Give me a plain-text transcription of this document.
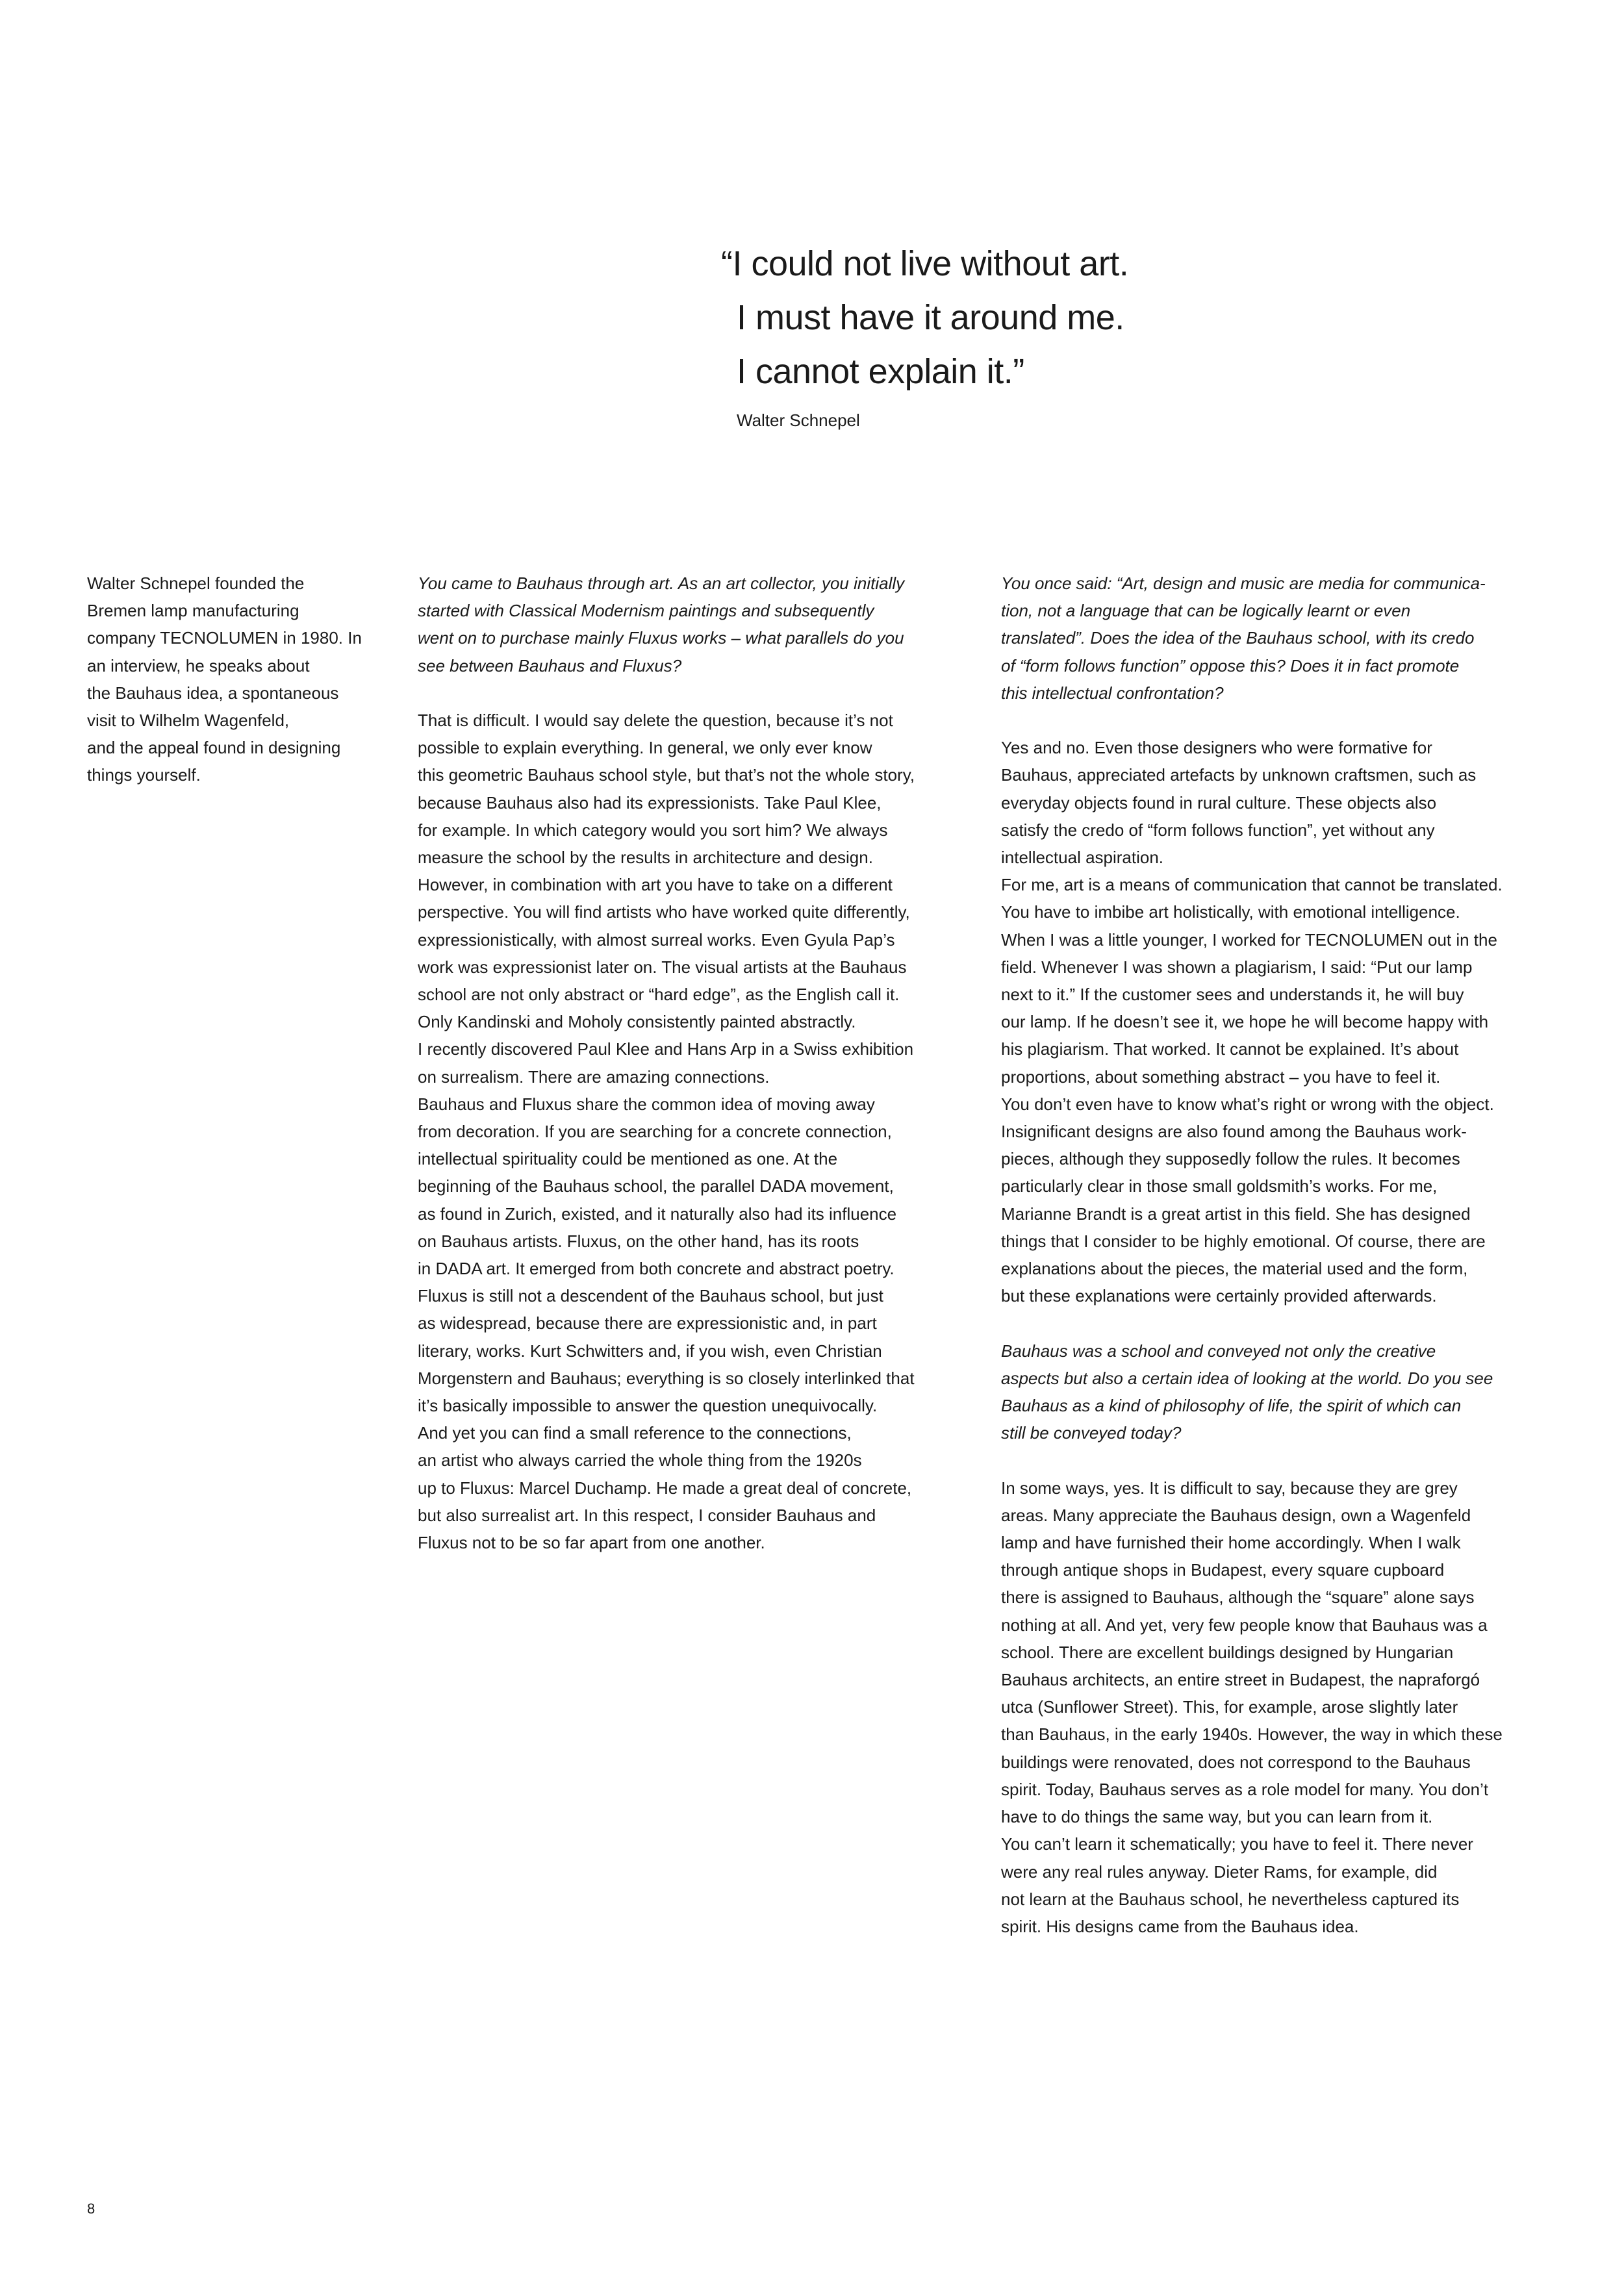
“I could not live without art.
I must have it around me.
I cannot explain it.”
Walter Schnepel
Walter Schnepel founded the
Bremen lamp manufacturing
company TECNOLUMEN in 1980. In
an interview, he speaks about
the Bauhaus idea, a spontaneous
visit to Wilhelm Wagenfeld,
and the appeal found in designing
things yourself.
You came to Bauhaus through art. As an art collector, you initially
started with Classical Modernism paintings and subsequently
went on to purchase mainly Fluxus works – what parallels do you
see between Bauhaus and Fluxus?
That is difficult. I would say delete the question, because it’s not
possible to explain everything. In general, we only ever know
this geometric Bauhaus school style, but that’s not the whole story,
because Bauhaus also had its expressionists. Take Paul Klee,
for example. In which category would you sort him? We always
measure the school by the results in architecture and design.
However, in combination with art you have to take on a different
perspective. You will find artists who have worked quite differently,
expressionistically, with almost surreal works. Even Gyula Pap’s
work was expressionist later on. The visual artists at the Bauhaus
school are not only abstract or “hard edge”, as the English call it.
Only Kandinski and Moholy consistently painted abstractly.
I recently discovered Paul Klee and Hans Arp in a Swiss exhibition
on surrealism. There are amazing connections.
Bauhaus and Fluxus share the common idea of moving away
from decoration. If you are searching for a concrete connection,
intellectual spirituality could be mentioned as one. At the
beginning of the Bauhaus school, the parallel DADA movement,
as found in Zurich, existed, and it naturally also had its influence
on Bauhaus artists. Fluxus, on the other hand, has its roots
in DADA art. It emerged from both concrete and abstract poetry.
Fluxus is still not a descendent of the Bauhaus school, but just
as widespread, because there are expressionistic and, in part
literary, works. Kurt Schwitters and, if you wish, even Christian
Morgenstern and Bauhaus; everything is so closely interlinked that
it’s basically impossible to answer the question unequivocally.
And yet you can find a small reference to the connections,
an artist who always carried the whole thing from the 1920s
up to Fluxus: Marcel Duchamp. He made a great deal of concrete,
but also surrealist art. In this respect, I consider Bauhaus and
Fluxus not to be so far apart from one another.
You once said: “Art, design and music are media for communica-
tion, not a language that can be logically learnt or even
translated”. Does the idea of the Bauhaus school, with its credo
of “form follows function” oppose this? Does it in fact promote
this intellectual confrontation?
Yes and no. Even those designers who were formative for
Bauhaus, appreciated artefacts by unknown craftsmen, such as
everyday objects found in rural culture. These objects also
satisfy the credo of “form follows function”, yet without any
intellectual aspiration.
For me, art is a means of communication that cannot be translated.
You have to imbibe art holistically, with emotional intelligence.
When I was a little younger, I worked for TECNOLUMEN out in the
field. Whenever I was shown a plagiarism, I said: “Put our lamp
next to it.” If the customer sees and understands it, he will buy
our lamp. If he doesn’t see it, we hope he will become happy with
his plagiarism. That worked. It cannot be explained. It’s about
proportions, about something abstract – you have to feel it.
You don’t even have to know what’s right or wrong with the object.
Insignificant designs are also found among the Bauhaus work-
pieces, although they supposedly follow the rules. It becomes
particularly clear in those small goldsmith’s works. For me,
Marianne Brandt is a great artist in this field. She has designed
things that I consider to be highly emotional. Of course, there are
explanations about the pieces, the material used and the form,
but these explanations were certainly provided afterwards.
Bauhaus was a school and conveyed not only the creative
aspects but also a certain idea of looking at the world. Do you see
Bauhaus as a kind of philosophy of life, the spirit of which can
still be conveyed today?
In some ways, yes. It is difficult to say, because they are grey
areas. Many appreciate the Bauhaus design, own a Wagenfeld
lamp and have furnished their home accordingly. When I walk
through antique shops in Budapest, every square cupboard
there is assigned to Bauhaus, although the “square” alone says
nothing at all. And yet, very few people know that Bauhaus was a
school. There are excellent buildings designed by Hungarian
Bauhaus architects, an entire street in Budapest, the napraforgó
utca (Sunflower Street). This, for example, arose slightly later
than Bauhaus, in the early 1940s. However, the way in which these
buildings were renovated, does not correspond to the Bauhaus
spirit. Today, Bauhaus serves as a role model for many. You don’t
have to do things the same way, but you can learn from it.
You can’t learn it schematically; you have to feel it. There never
were any real rules anyway. Dieter Rams, for example, did
not learn at the Bauhaus school, he nevertheless captured its
spirit. His designs came from the Bauhaus idea.
8
